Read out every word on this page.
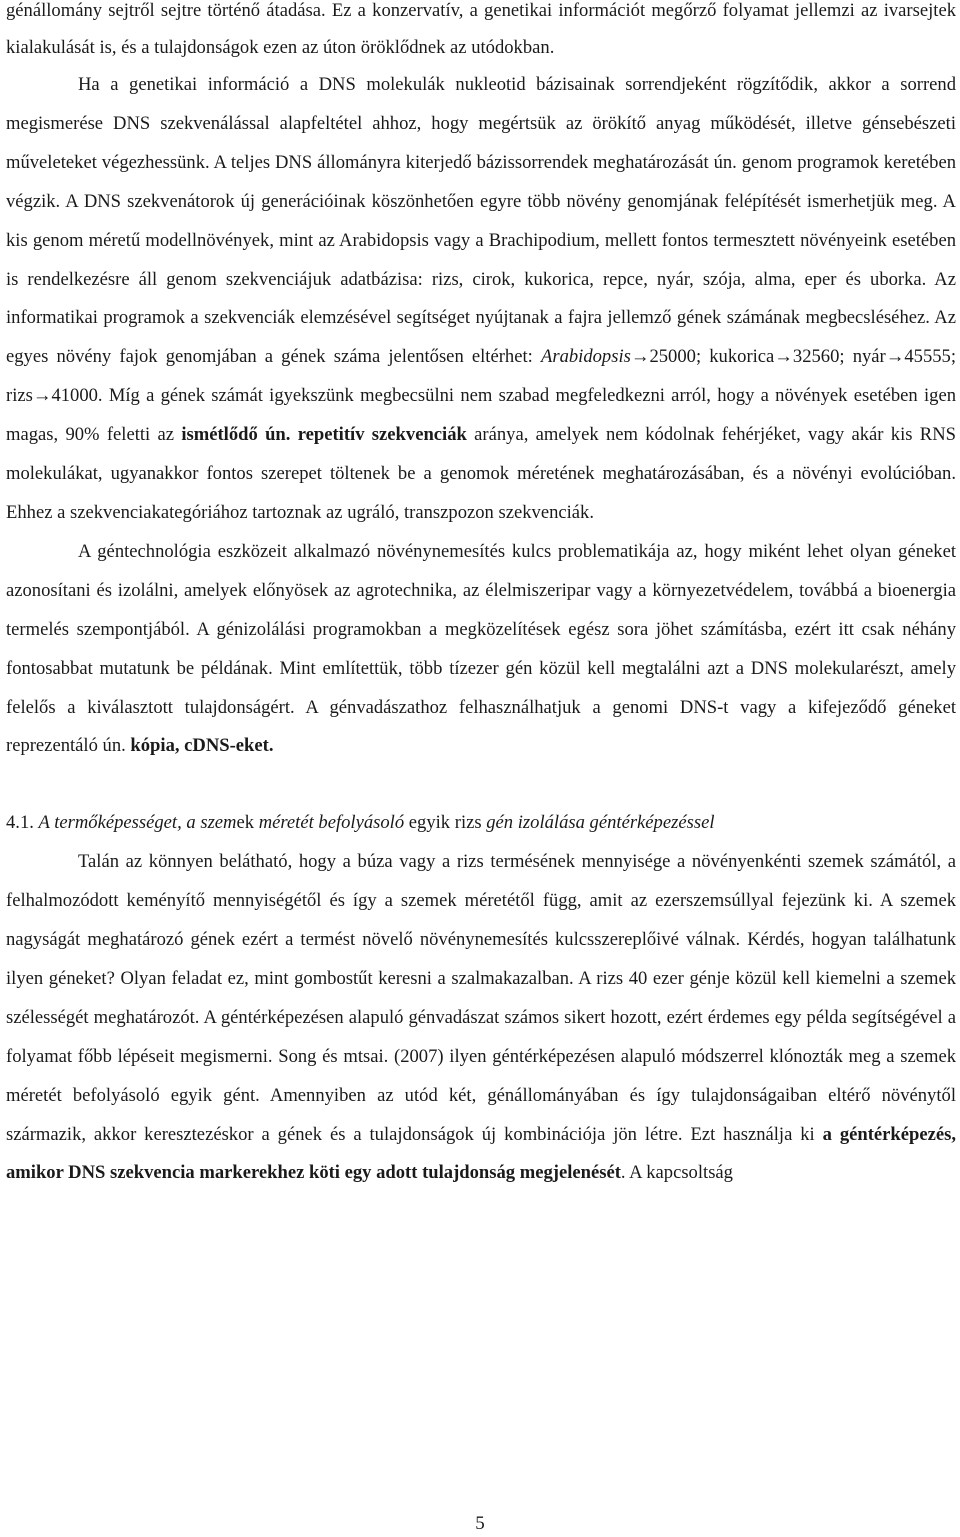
génállomány sejtről sejtre történő átadása. Ez a konzervatív, a genetikai információt megőrző folyamat jellemzi az ivarsejtek kialakulását is, és a tulajdonságok ezen az úton öröklődnek az utódokban.

Ha a genetikai információ a DNS molekulák nukleotid bázisainak sorrendjeként rögzítődik, akkor a sorrend megismerése DNS szekvenálással alapfeltétel ahhoz, hogy megértsük az örökítő anyag működését, illetve génsebészeti műveleteket végezhessünk. A teljes DNS állományra kiterjedő bázissorrendek meghatározását ún. genom programok keretében végzik. A DNS szekvenátorok új generációinak köszönhetően egyre több növény genomjának felépítését ismerhetjük meg. A kis genom méretű modellnövények, mint az Arabidopsis vagy a Brachipodium, mellett fontos termesztett növényeink esetében is rendelkezésre áll genom szekvenciájuk adatbázisa: rizs, cirok, kukorica, repce, nyár, szója, alma, eper és uborka. Az informatikai programok a szekvenciák elemzésével segítséget nyújtanak a fajra jellemző gének számának megbecsléséhez. Az egyes növény fajok genomjában a gének száma jelentősen eltérhet: Arabidopsis→25000; kukorica→32560; nyár→45555; rizs→41000. Míg a gének számát igyekszünk megbecsülni nem szabad megfeledkezni arról, hogy a növények esetében igen magas, 90% feletti az ismétlődő ún. repetitív szekvenciák aránya, amelyek nem kódolnak fehérjéket, vagy akár kis RNS molekulákat, ugyanakkor fontos szerepet töltenek be a genomok méretének meghatározásában, és a növényi evolúcióban. Ehhez a szekvenciakategóriához tartoznak az ugráló, transzpozon szekvenciák.

A géntechnológia eszközeit alkalmazó növénynemesítés kulcs problematikája az, hogy miként lehet olyan géneket azonosítani és izolálni, amelyek előnyösek az agrotechnika, az élelmiszeripar vagy a környezetvédelem, továbbá a bioenergia termelés szempontjából. A génizolálási programokban a megközelítések egész sora jöhet számításba, ezért itt csak néhány fontosabbat mutatunk be példának. Mint említettük, több tízezer gén közül kell megtalálni azt a DNS molekularészt, amely felelős a kiválasztott tulajdonságért. A génvadászathoz felhasználhatjuk a genomi DNS-t vagy a kifejeződő géneket reprezentáló ún. kópia, cDNS-eket.

4.1. A termőképességet, a szemek méretét befolyásoló egyik rizs gén izolálása géntérképezéssel

Talán az könnyen belátható, hogy a búza vagy a rizs termésének mennyisége a növényenkénti szemek számától, a felhalmozódott keményítő mennyiségétől és így a szemek méretétől függ, amit az ezerszemsúllyal fejezünk ki. A szemek nagyságát meghatározó gének ezért a termést növelő növénynemesítés kulcsszereplőivé válnak. Kérdés, hogyan találhatunk ilyen géneket? Olyan feladat ez, mint gombostűt keresni a szalmakazalban. A rizs 40 ezer génje közül kell kiemelni a szemek szélességét meghatározót. A géntérképezésen alapuló génvadászat számos sikert hozott, ezért érdemes egy példa segítségével a folyamat főbb lépéseit megismerni. Song és mtsai. (2007) ilyen géntérképezésen alapuló módszerrel klónozták meg a szemek méretét befolyásoló egyik gént. Amennyiben az utód két, génállományában és így tulajdonságaiban eltérő növénytől származik, akkor keresztezéskor a gének és a tulajdonságok új kombinációja jön létre. Ezt használja ki a géntérképezés, amikor DNS szekvencia markerekhez köti egy adott tulajdonság megjelenését. A kapcsoltság

5
